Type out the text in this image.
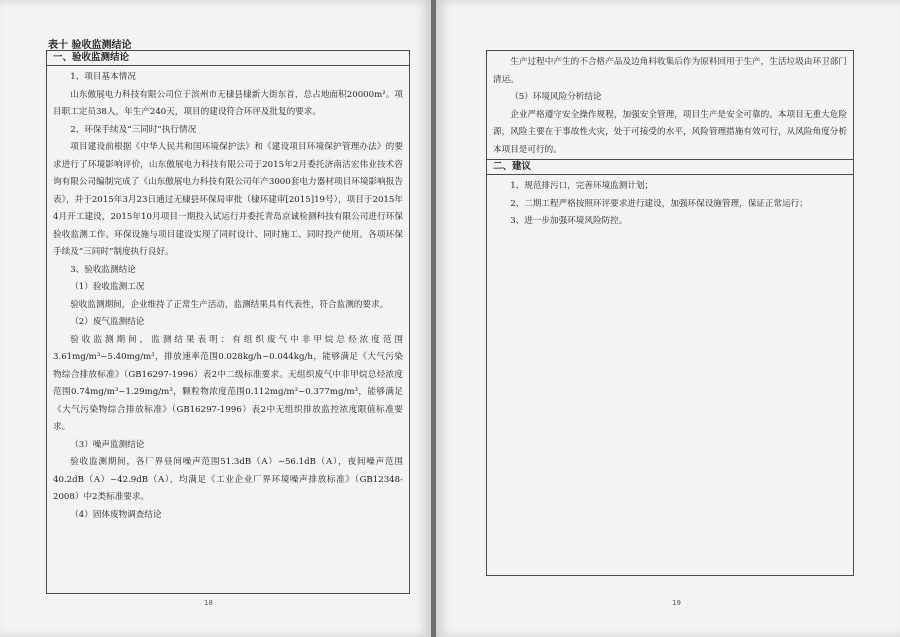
表十 验收监测结论
一、验收监测结论

1、项目基本情况

山东傲展电力科技有限公司位于滨州市无棣县棣新大街东首，总占地面积20000m²。项目职工定员38人，年生产240天，项目的建设符合环评及批复的要求。

2、环保手续及“三同时”执行情况

项目建设前根据《中华人民共和国环境保护法》和《建设项目环境保护管理办法》的要求进行了环境影响评价，山东傲展电力科技有限公司于2015年2月委托济南洁宏伟业技术咨询有限公司编制完成了《山东傲展电力科技有限公司年产3000套电力器材项目环境影响报告表》，并于2015年3月23日通过无棣县环保局审批（棣环建审[2015]19号），项目于2015年4月开工建设，2015年10月项目一期投入试运行并委托青岛京诚检测科技有限公司进行环保验收监测工作。环保设施与项目建设实现了同时设计、同时施工、同时投产使用。各项环保手续及“三同时”制度执行良好。

3、验收监测结论

（1）验收监测工况

验收监测期间，企业维持了正常生产活动，监测结果具有代表性，符合监测的要求。

（2）废气监测结论

验收监测期间，监测结果表明：有组织废气中非甲烷总烃浓度范围3.61mg/m³~5.40mg/m³，排放速率范围0.028kg/h~0.044kg/h，能够满足《大气污染物综合排放标准》（GB16297-1996）表2中二级标准要求。无组织废气中非甲烷总烃浓度范围0.74mg/m³~1.29mg/m³，颗粒物浓度范围0.112mg/m³~0.377mg/m³，能够满足《大气污染物综合排放标准》（GB16297-1996）表2中无组织排放监控浓度限值标准要求。

（3）噪声监测结论

验收监测期间，各厂界昼间噪声范围51.3dB（A）~56.1dB（A），夜间噪声范围40.2dB（A）~42.9dB（A），均满足《工业企业厂界环境噪声排放标准》（GB12348-2008）中2类标准要求。

（4）固体废物调查结论

18

生产过程中产生的不合格产品及边角料收集后作为原料回用于生产，生活垃圾由环卫部门清运。

（5）环境风险分析结论

企业严格遵守安全操作规程，加强安全管理，项目生产是安全可靠的。本项目无重大危险源，风险主要在于事故性火灾，处于可接受的水平，风险管理措施有效可行，从风险角度分析本项目是可行的。

二、建议

1、规范排污口，完善环境监测计划；

2、二期工程严格按照环评要求进行建设，加强环保设施管理，保证正常运行；

3、进一步加强环境风险防控。

19
